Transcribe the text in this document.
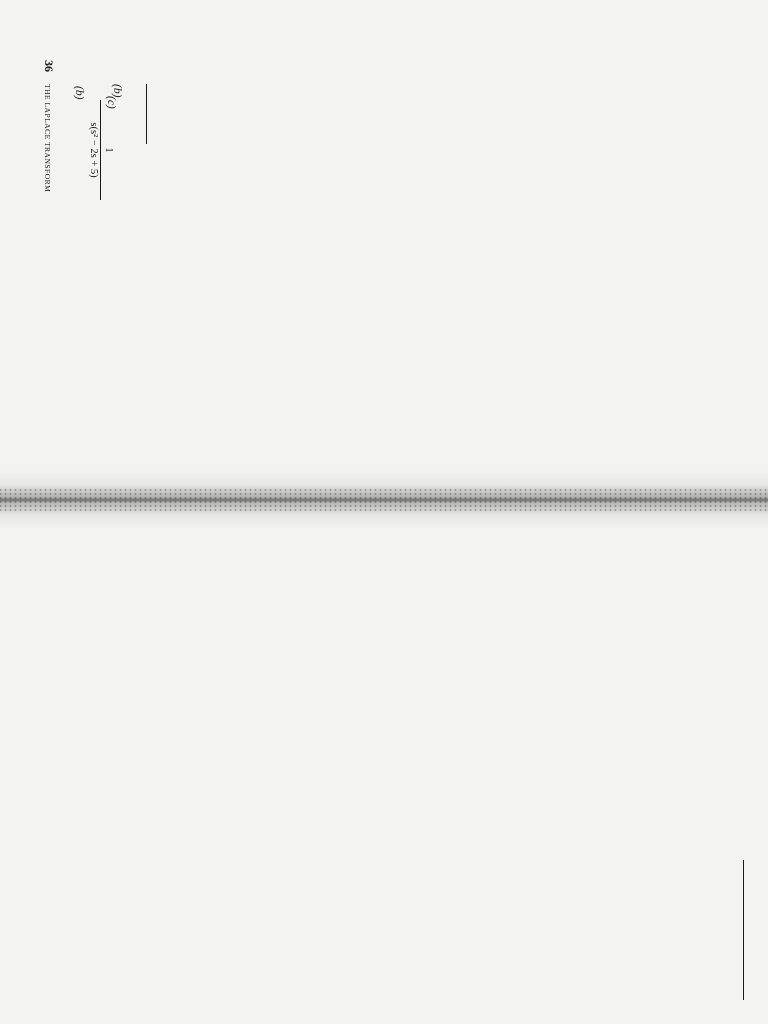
36
THE LAPLACE TRANSFORM (b)
1
s(s² − 2s + 5)
(c)
(b)
